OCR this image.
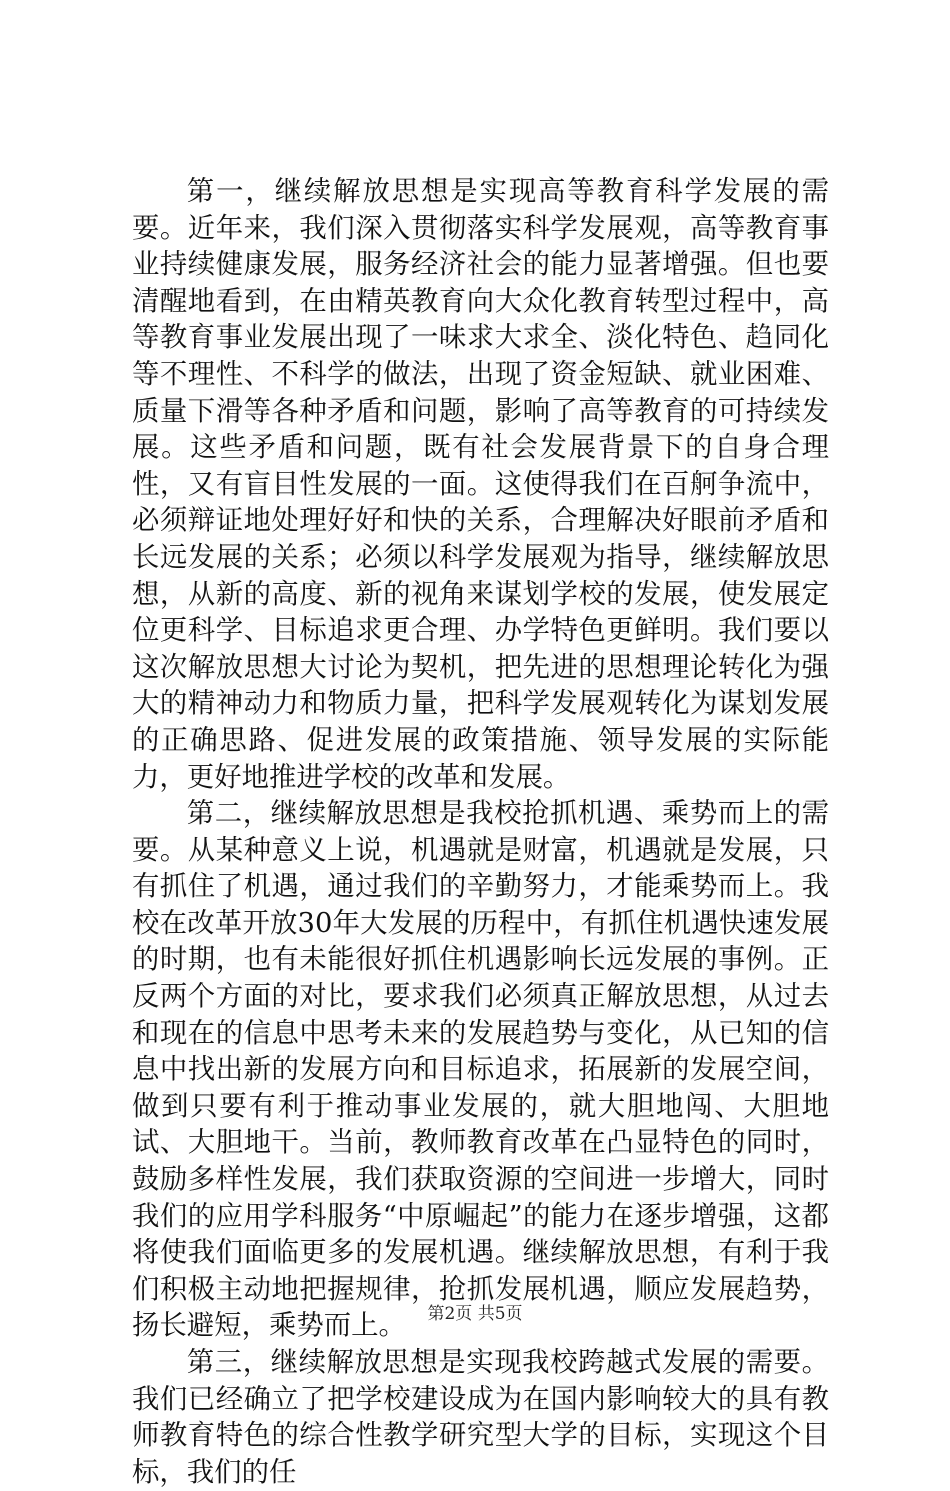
第一，继续解放思想是实现高等教育科学发展的需要。近年来，我们深入贯彻落实科学发展观，高等教育事业持续健康发展，服务经济社会的能力显著增强。但也要清醒地看到，在由精英教育向大众化教育转型过程中，高等教育事业发展出现了一味求大求全、淡化特色、趋同化等不理性、不科学的做法，出现了资金短缺、就业困难、质量下滑等各种矛盾和问题，影响了高等教育的可持续发展。这些矛盾和问题，既有社会发展背景下的自身合理性，又有盲目性发展的一面。这使得我们在百舸争流中，必须辩证地处理好好和快的关系，合理解决好眼前矛盾和长远发展的关系；必须以科学发展观为指导，继续解放思想，从新的高度、新的视角来谋划学校的发展，使发展定位更科学、目标追求更合理、办学特色更鲜明。我们要以这次解放思想大讨论为契机，把先进的思想理论转化为强大的精神动力和物质力量，把科学发展观转化为谋划发展的正确思路、促进发展的政策措施、领导发展的实际能力，更好地推进学校的改革和发展。

第二，继续解放思想是我校抢抓机遇、乘势而上的需要。从某种意义上说，机遇就是财富，机遇就是发展，只有抓住了机遇，通过我们的辛勤努力，才能乘势而上。我校在改革开放30年大发展的历程中，有抓住机遇快速发展的时期，也有未能很好抓住机遇影响长远发展的事例。正反两个方面的对比，要求我们必须真正解放思想，从过去和现在的信息中思考未来的发展趋势与变化，从已知的信息中找出新的发展方向和目标追求，拓展新的发展空间，做到只要有利于推动事业发展的，就大胆地闯、大胆地试、大胆地干。当前，教师教育改革在凸显特色的同时，鼓励多样性发展，我们获取资源的空间进一步增大，同时我们的应用学科服务“中原崛起”的能力在逐步增强，这都将使我们面临更多的发展机遇。继续解放思想，有利于我们积极主动地把握规律，抢抓发展机遇，顺应发展趋势，扬长避短，乘势而上。

第三，继续解放思想是实现我校跨越式发展的需要。我们已经确立了把学校建设成为在国内影响较大的具有教师教育特色的综合性教学研究型大学的目标，实现这个目标，我们的任

第2页 共5页
